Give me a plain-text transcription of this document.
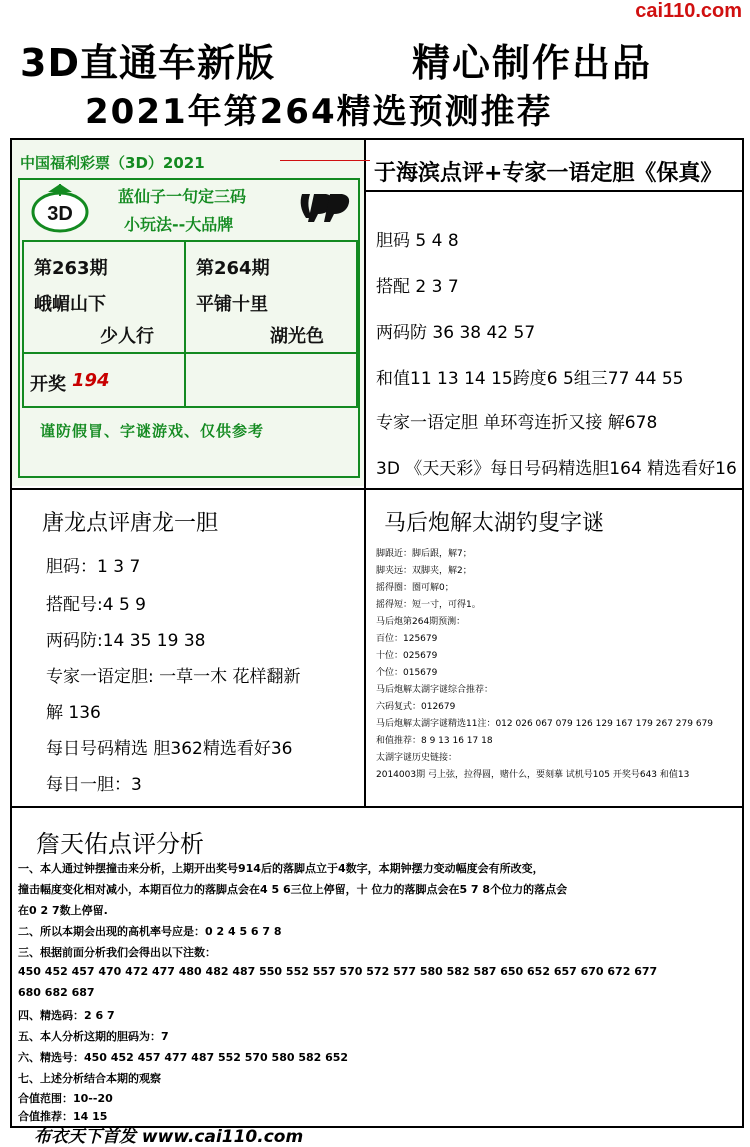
cai110.com
3D直通车新版	精心制作出品
2021年第264精选预测推荐
中国福利彩票（3D）2021
3D
蓝仙子一句定三码
小玩法--大品牌
第263期
峨嵋山下
少人行
第264期
平铺十里
湖光色
开奖 194
谨防假冒、字谜游戏、仅供参考
于海滨点评+专家一语定胆《保真》
胆码 5 4 8
搭配 2 3 7
两码防 36 38 42 57
和值11 13 14 15跨度6 5组三77 44 55
专家一语定胆 单环弯连折又接 解678
3D 《天天彩》每日号码精选胆164 精选看好16
唐龙点评唐龙一胆
胆码：1 3 7
搭配号:4 5 9
两码防:14 35 19 38
专家一语定胆: 一草一木 花样翻新
解 136
每日号码精选 胆362精选看好36
每日一胆：3
马后炮解太湖钓叟字谜
脚跟近：脚后跟，解7；
脚夹远：双脚夹，解2；
摇得圈：圈可解0；
摇得短：短一寸，可得1。
马后炮第264期预测：
百位：125679
十位：025679
个位：015679
马后炮解太湖字谜综合推荐：
六码复式：012679
马后炮解太湖字谜精选11注：012 026 067 079 126 129 167 179 267 279 679
和值推荐：8 9 13 16 17 18
太湖字谜历史链接：
2014003期 弓上弦，拉得圆，赌什么，要刻摹 试机号105 开奖号643 和值13
詹天佑点评分析
一、本人通过钟摆撞击来分析，上期开出奖号914后的落脚点立于4数字，本期钟摆力变动幅度会有所改变，
撞击幅度变化相对减小，本期百位力的落脚点会在4 5 6三位上停留，十 位力的落脚点会在5 7 8个位力的落点会
在0 2 7数上停留.
二、所以本期会出现的高机率号应是：0 2 4 5 6 7 8
三、根据前面分析我们会得出以下注数：
450 452 457 470 472 477 480 482 487 550 552 557 570 572 577 580 582 587 650 652 657 670 672 677
680 682 687
四、精选码：2 6 7
五、本人分析这期的胆码为：7
六、精选号：450 452 457 477 487 552 570 580 582 652
七、上述分析结合本期的观察
合值范围：10--20
合值推荐：14 15
布衣天下首发 www.cai110.com
